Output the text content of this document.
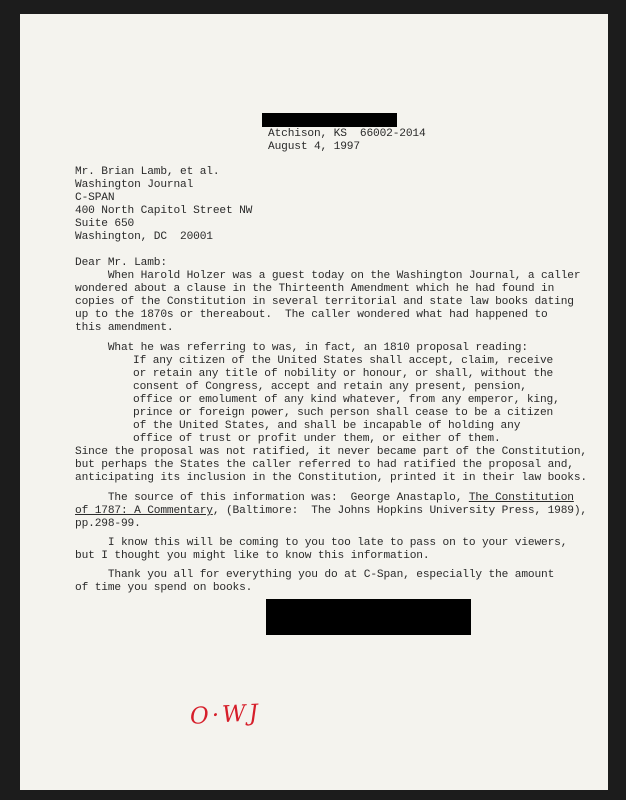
Atchison, KS  66002-2014
August 4, 1997
Mr. Brian Lamb, et al.
Washington Journal
C-SPAN
400 North Capitol Street NW
Suite 650
Washington, DC  20001
Dear Mr. Lamb:
When Harold Holzer was a guest today on the Washington Journal, a caller
wondered about a clause in the Thirteenth Amendment which he had found in
copies of the Constitution in several territorial and state law books dating
up to the 1870s or thereabout.  The caller wondered what had happened to
this amendment.
What he was referring to was, in fact, an 1810 proposal reading:
If any citizen of the United States shall accept, claim, receive
or retain any title of nobility or honour, or shall, without the
consent of Congress, accept and retain any present, pension,
office or emolument of any kind whatever, from any emperor, king,
prince or foreign power, such person shall cease to be a citizen
of the United States, and shall be incapable of holding any
office of trust or profit under them, or either of them.
Since the proposal was not ratified, it never became part of the Constitution,
but perhaps the States the caller referred to had ratified the proposal and,
anticipating its inclusion in the Constitution, printed it in their law books.
The source of this information was:  George Anastaplo, The Constitution
of 1787: A Commentary, (Baltimore:  The Johns Hopkins University Press, 1989),
pp.298-99.
I know this will be coming to you too late to pass on to your viewers,
but I thought you might like to know this information.
Thank you all for everything you do at C-Span, especially the amount
of time you spend on books.
O·WJ
